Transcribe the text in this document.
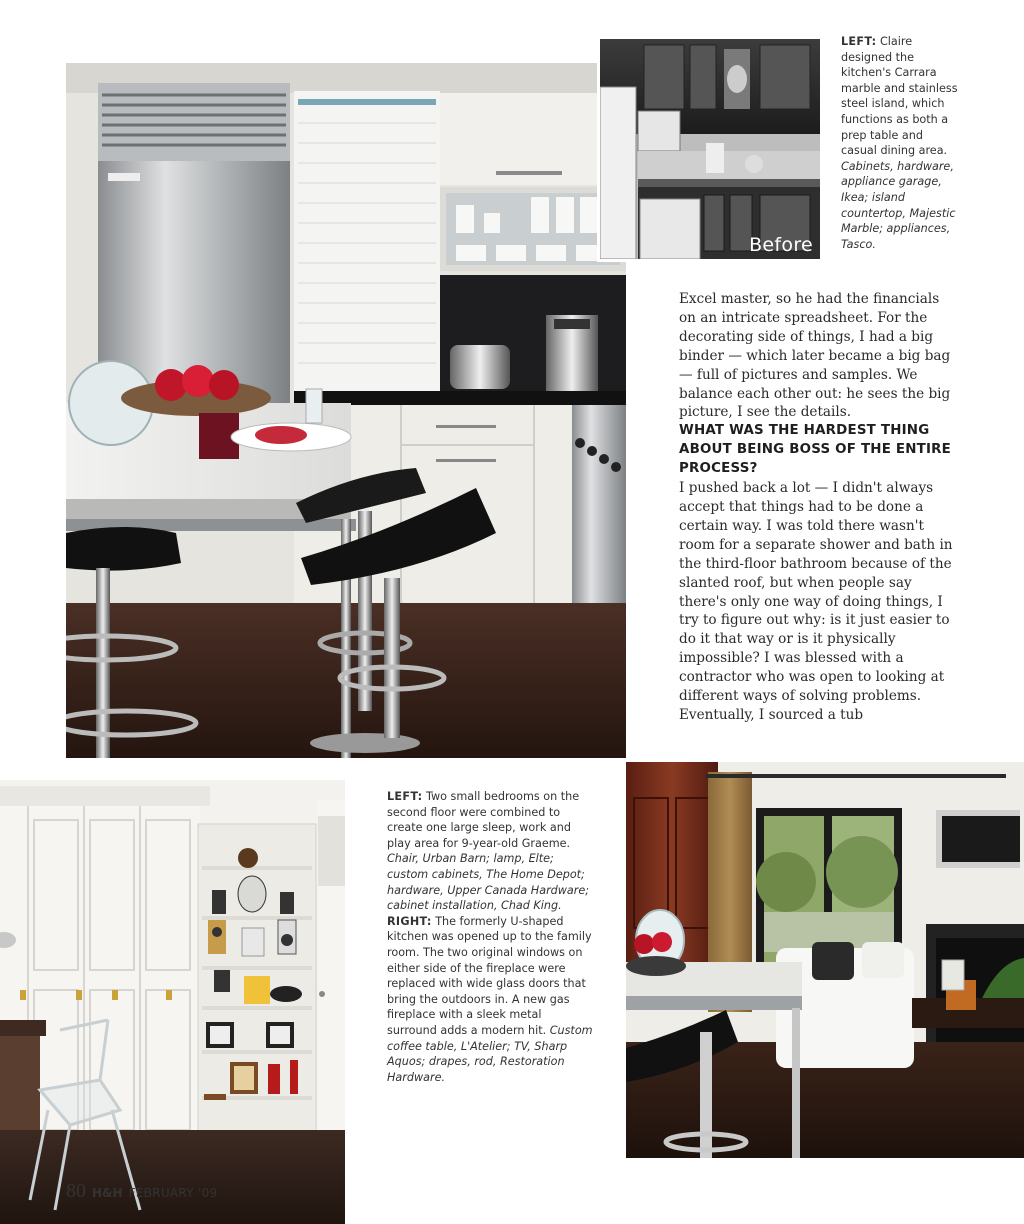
Before
LEFT: Claire designed the kitchen's Carrara marble and stainless steel island, which functions as both a prep table and casual dining area. Cabinets, hardware, appliance garage, Ikea; island countertop, Majestic Marble; appliances, Tasco.

Excel master, so he had the financials on an intricate spreadsheet. For the decorating side of things, I had a big binder — which later became a big bag — full of pictures and samples. We balance each other out: he sees the big picture, I see the details.

WHAT WAS THE HARDEST THING ABOUT BEING BOSS OF THE ENTIRE PROCESS?

I pushed back a lot — I didn't always accept that things had to be done a certain way. I was told there wasn't room for a separate shower and bath in the third-floor bathroom because of the slanted roof, but when people say there's only one way of doing things, I try to figure out why: is it just easier to do it that way or is it physically impossible? I was blessed with a contractor who was open to looking at different ways of solving problems. Eventually, I sourced a tub

LEFT: Two small bedrooms on the second floor were combined to create one large sleep, work and play area for 9-year-old Graeme. Chair, Urban Barn; lamp, Elte; custom cabinets, The Home Depot; hardware, Upper Canada Hardware; cabinet installation, Chad King.
RIGHT: The formerly U-shaped kitchen was opened up to the family room. The two original windows on either side of the fireplace were replaced with wide glass doors that bring the outdoors in. A new gas fireplace with a sleek metal surround adds a modern hit. Custom coffee table, L'Atelier; TV, Sharp Aquos; drapes, rod, Restoration Hardware.
80 H&H FEBRUARY '09
